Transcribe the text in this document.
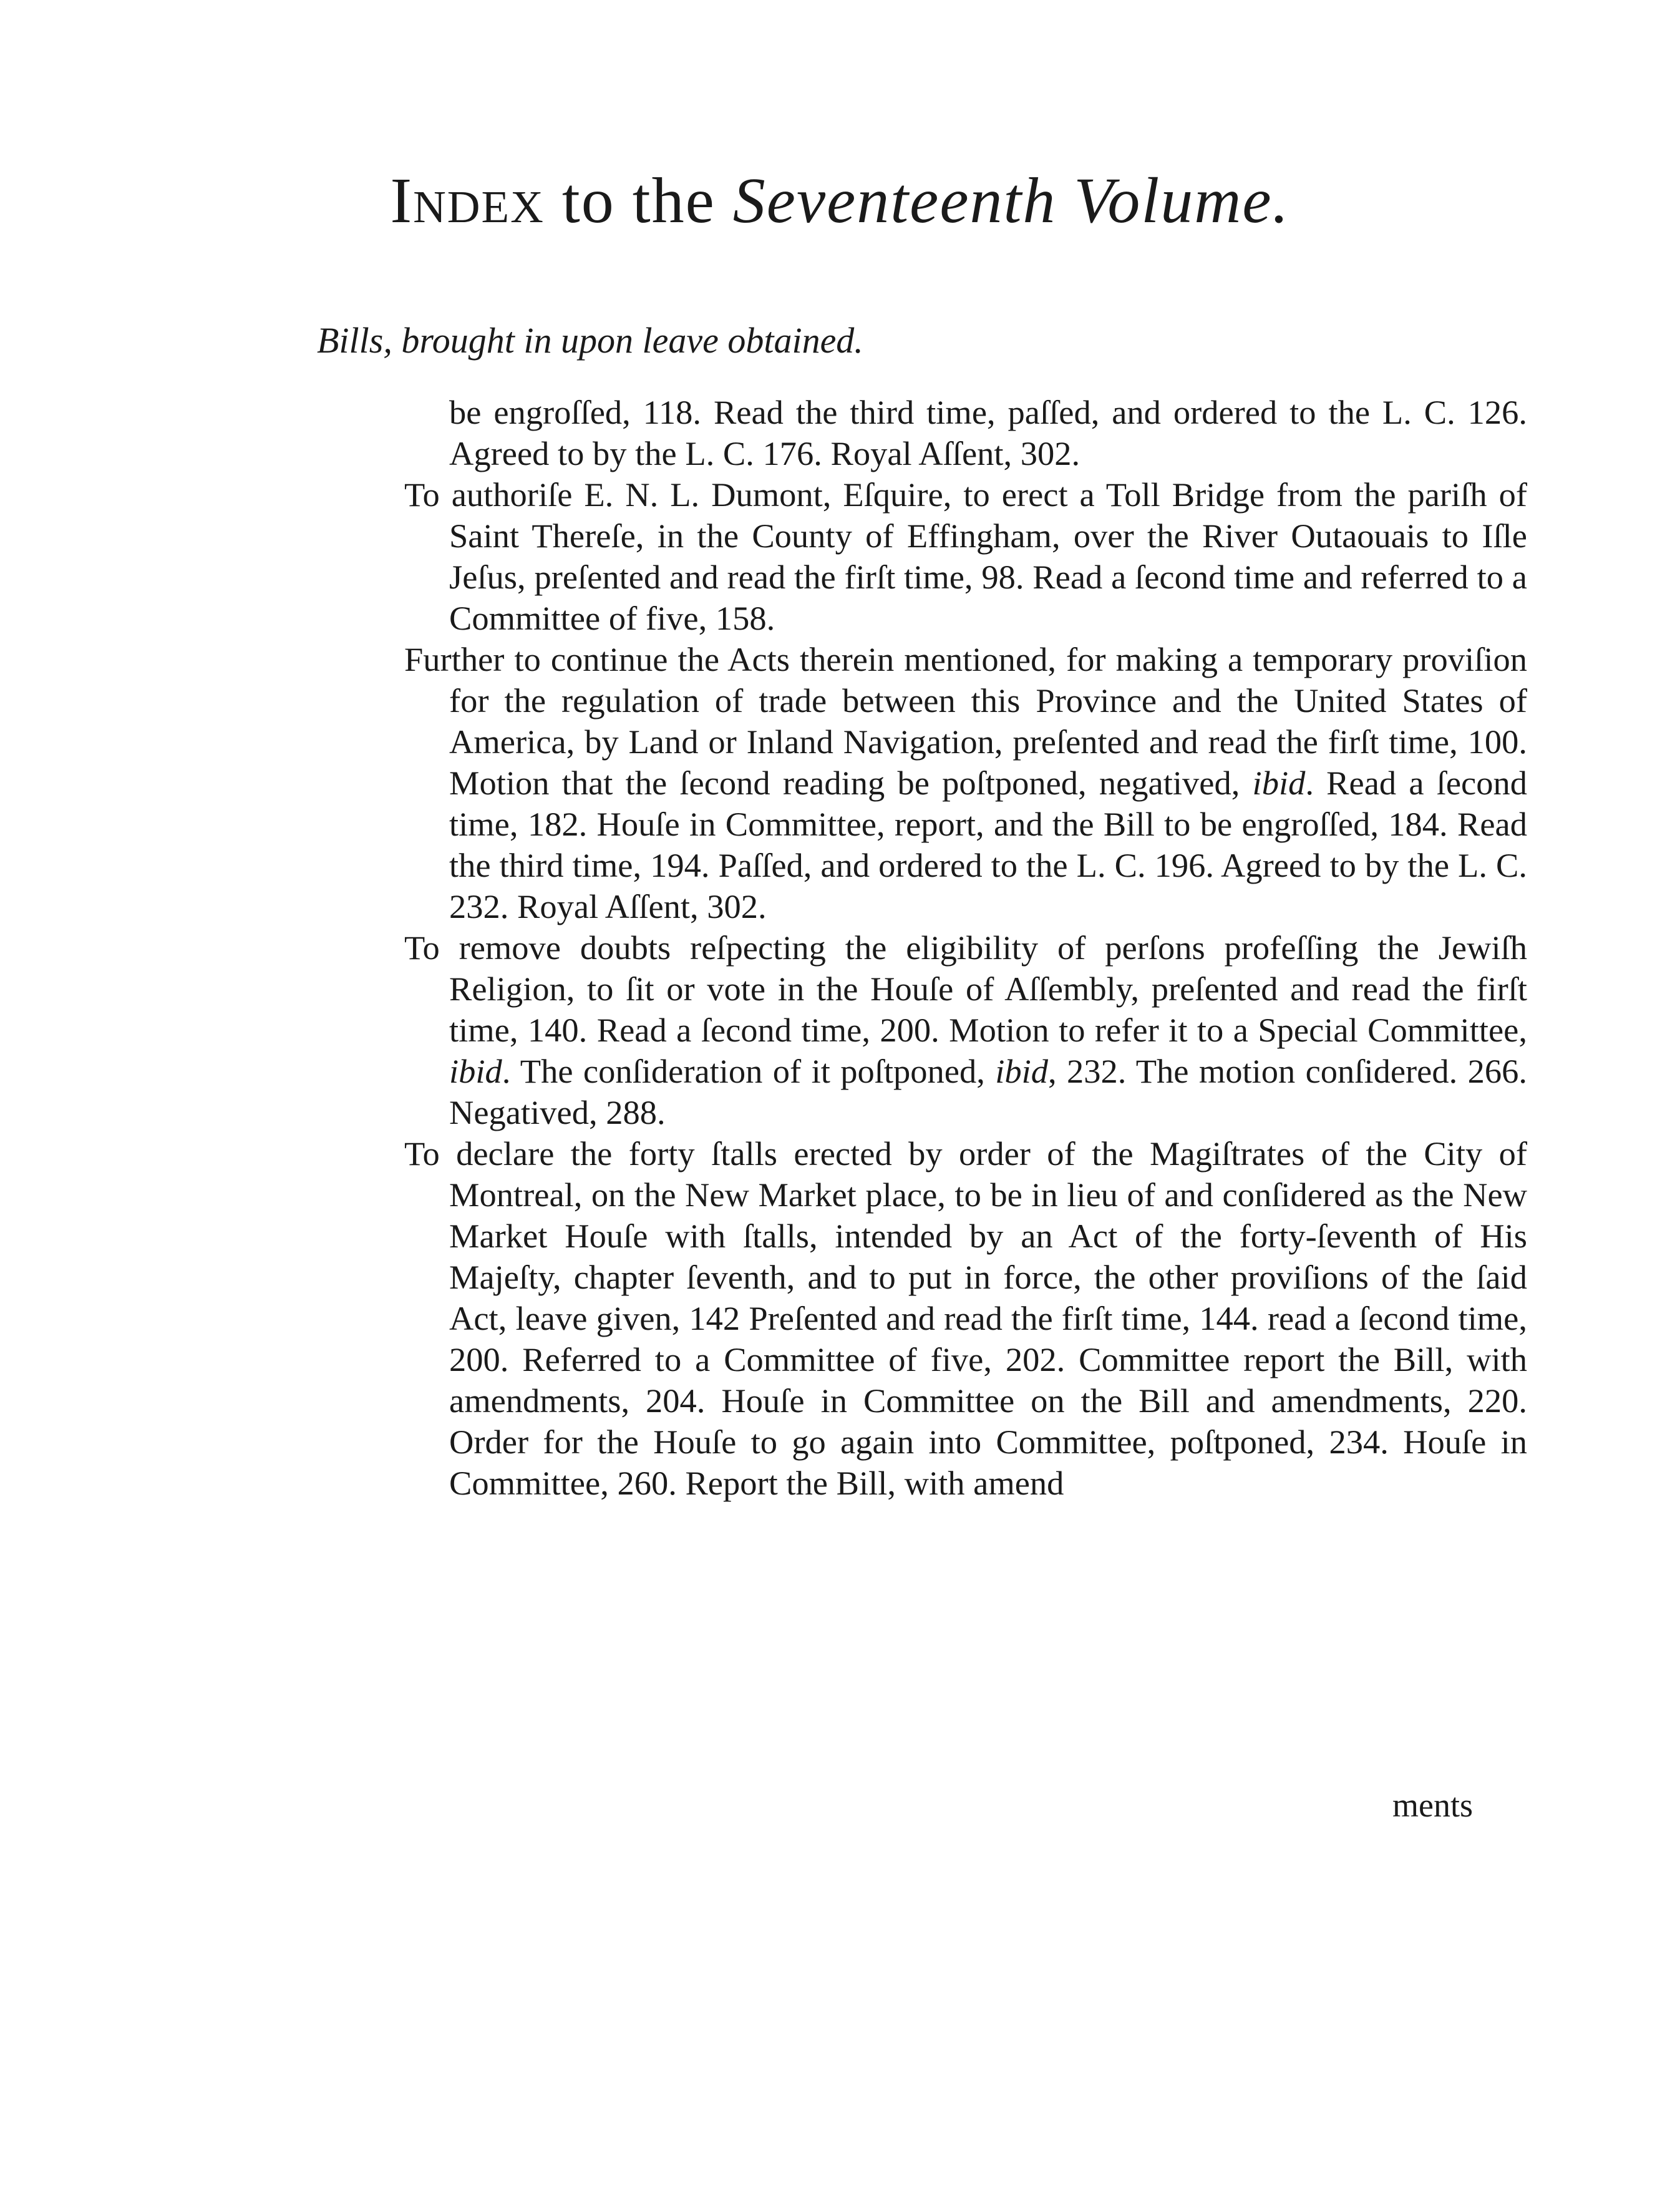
Index to the Seventeenth Volume.
Bills, brought in upon leave obtained.

be engroſſed, 118. Read the third time, paſſed, and ordered to the L. C. 126. Agreed to by the L. C. 176. Royal Aſſent, 302.

To authoriſe E. N. L. Dumont, Eſquire, to erect a Toll Bridge from the pariſh of Saint Thereſe, in the County of Effingham, over the River Outaouais to Iſle Jeſus, preſented and read the firſt time, 98. Read a ſecond time and referred to a Committee of five, 158.

Further to continue the Acts therein mentioned, for making a temporary proviſion for the regulation of trade between this Province and the United States of America, by Land or Inland Navigation, preſented and read the firſt time, 100. Motion that the ſecond reading be poſtponed, negatived, ibid. Read a ſecond time, 182. Houſe in Committee, report, and the Bill to be engroſſed, 184. Read the third time, 194. Paſſed, and ordered to the L. C. 196. Agreed to by the L. C. 232. Royal Aſſent, 302.

To remove doubts reſpecting the eligibility of perſons profeſſing the Jewiſh Religion, to ſit or vote in the Houſe of Aſſembly, preſented and read the firſt time, 140. Read a ſecond time, 200. Motion to refer it to a Special Committee, ibid. The conſideration of it poſtponed, ibid, 232. The motion conſidered. 266. Negatived, 288.

To declare the forty ſtalls erected by order of the Magiſtrates of the City of Montreal, on the New Market place, to be in lieu of and conſidered as the New Market Houſe with ſtalls, intended by an Act of the forty-ſeventh of His Majeſty, chapter ſeventh, and to put in force, the other proviſions of the ſaid Act, leave given, 142 Preſented and read the firſt time, 144. read a ſecond time, 200. Referred to a Committee of five, 202. Committee report the Bill, with amendments, 204. Houſe in Committee on the Bill and amendments, 220. Order for the Houſe to go again into Committee, poſtponed, 234. Houſe in Committee, 260. Report the Bill, with amend

ments
